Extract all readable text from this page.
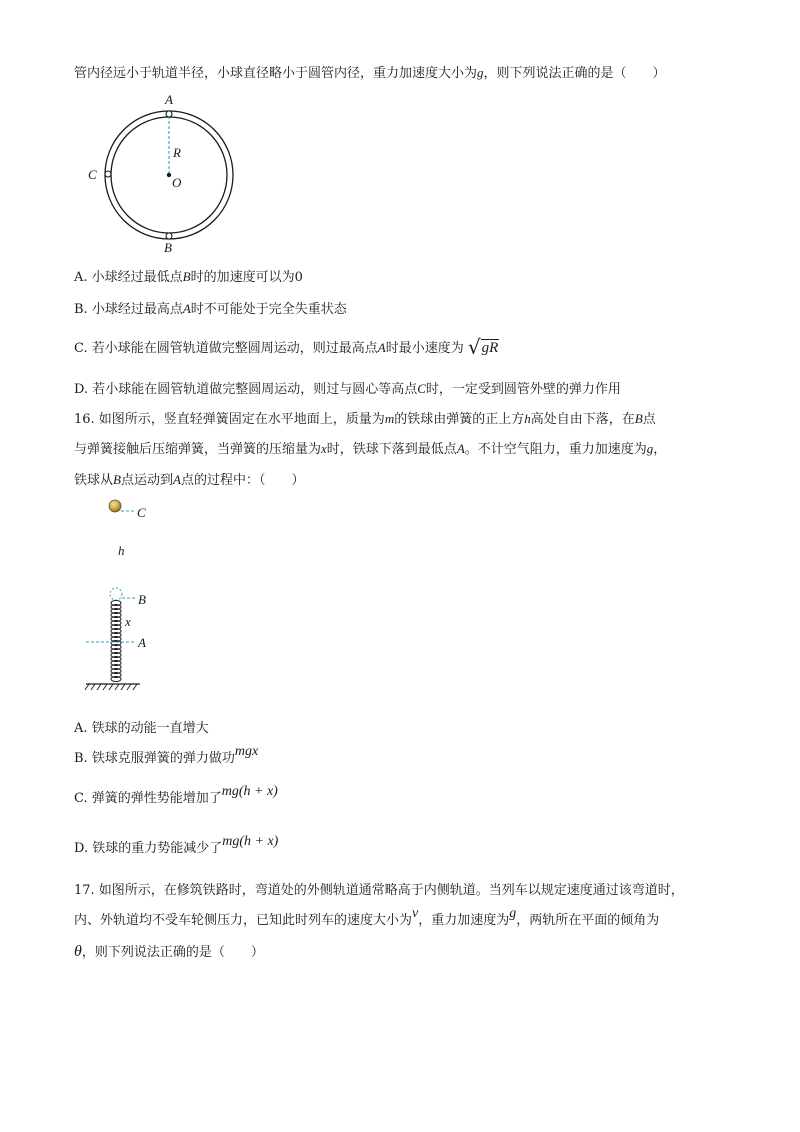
管内径远小于轨道半径，小球直径略小于圆管内径，重力加速度大小为g，则下列说法正确的是（　　）
A
R
O
C
B
A. 小球经过最低点B时的加速度可以为0
B. 小球经过最高点A时不可能处于完全失重状态
C. 若小球能在圆管轨道做完整圆周运动，则过最高点A时最小速度为 √gR
D. 若小球能在圆管轨道做完整圆周运动，则过与圆心等高点C时，一定受到圆管外壁的弹力作用
16. 如图所示，竖直轻弹簧固定在水平地面上，质量为m的铁球由弹簧的正上方h高处自由下落，在B点
与弹簧接触后压缩弹簧，当弹簧的压缩量为x时，铁球下落到最低点A。不计空气阻力，重力加速度为g，
铁球从B点运动到A点的过程中：（　　）
C
h
B
x
A
A. 铁球的动能一直增大
B. 铁球克服弹簧的弹力做功mgx
C. 弹簧的弹性势能增加了mg(h + x)
D. 铁球的重力势能减少了mg(h + x)
17. 如图所示，在修筑铁路时，弯道处的外侧轨道通常略高于内侧轨道。当列车以规定速度通过该弯道时，
内、外轨道均不受车轮侧压力，已知此时列车的速度大小为v，重力加速度为g，两轨所在平面的倾角为
θ，则下列说法正确的是（　　）
